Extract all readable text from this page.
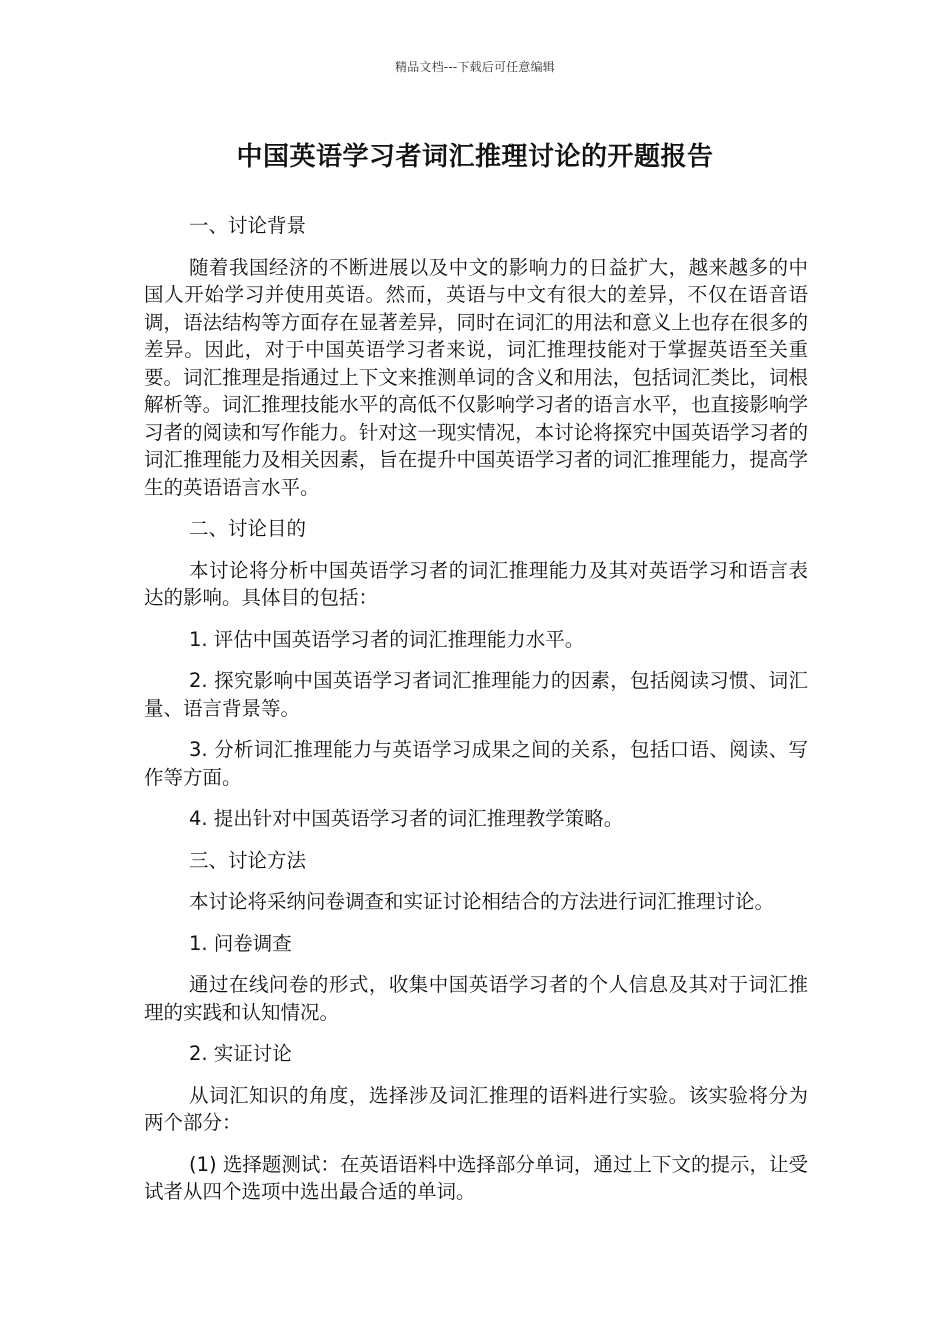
精品文档---下载后可任意编辑
中国英语学习者词汇推理讨论的开题报告

一、讨论背景

随着我国经济的不断进展以及中文的影响力的日益扩大，越来越多的中国人开始学习并使用英语。然而，英语与中文有很大的差异，不仅在语音语调，语法结构等方面存在显著差异，同时在词汇的用法和意义上也存在很多的差异。因此，对于中国英语学习者来说，词汇推理技能对于掌握英语至关重要。词汇推理是指通过上下文来推测单词的含义和用法，包括词汇类比，词根解析等。词汇推理技能水平的高低不仅影响学习者的语言水平，也直接影响学习者的阅读和写作能力。针对这一现实情况，本讨论将探究中国英语学习者的词汇推理能力及相关因素，旨在提升中国英语学习者的词汇推理能力，提高学生的英语语言水平。

二、讨论目的

本讨论将分析中国英语学习者的词汇推理能力及其对英语学习和语言表达的影响。具体目的包括：

1. 评估中国英语学习者的词汇推理能力水平。

2. 探究影响中国英语学习者词汇推理能力的因素，包括阅读习惯、词汇量、语言背景等。

3. 分析词汇推理能力与英语学习成果之间的关系，包括口语、阅读、写作等方面。

4. 提出针对中国英语学习者的词汇推理教学策略。

三、讨论方法

本讨论将采纳问卷调查和实证讨论相结合的方法进行词汇推理讨论。

1. 问卷调查

通过在线问卷的形式，收集中国英语学习者的个人信息及其对于词汇推理的实践和认知情况。

2. 实证讨论

从词汇知识的角度，选择涉及词汇推理的语料进行实验。该实验将分为两个部分：

(1) 选择题测试：在英语语料中选择部分单词，通过上下文的提示，让受试者从四个选项中选出最合适的单词。
